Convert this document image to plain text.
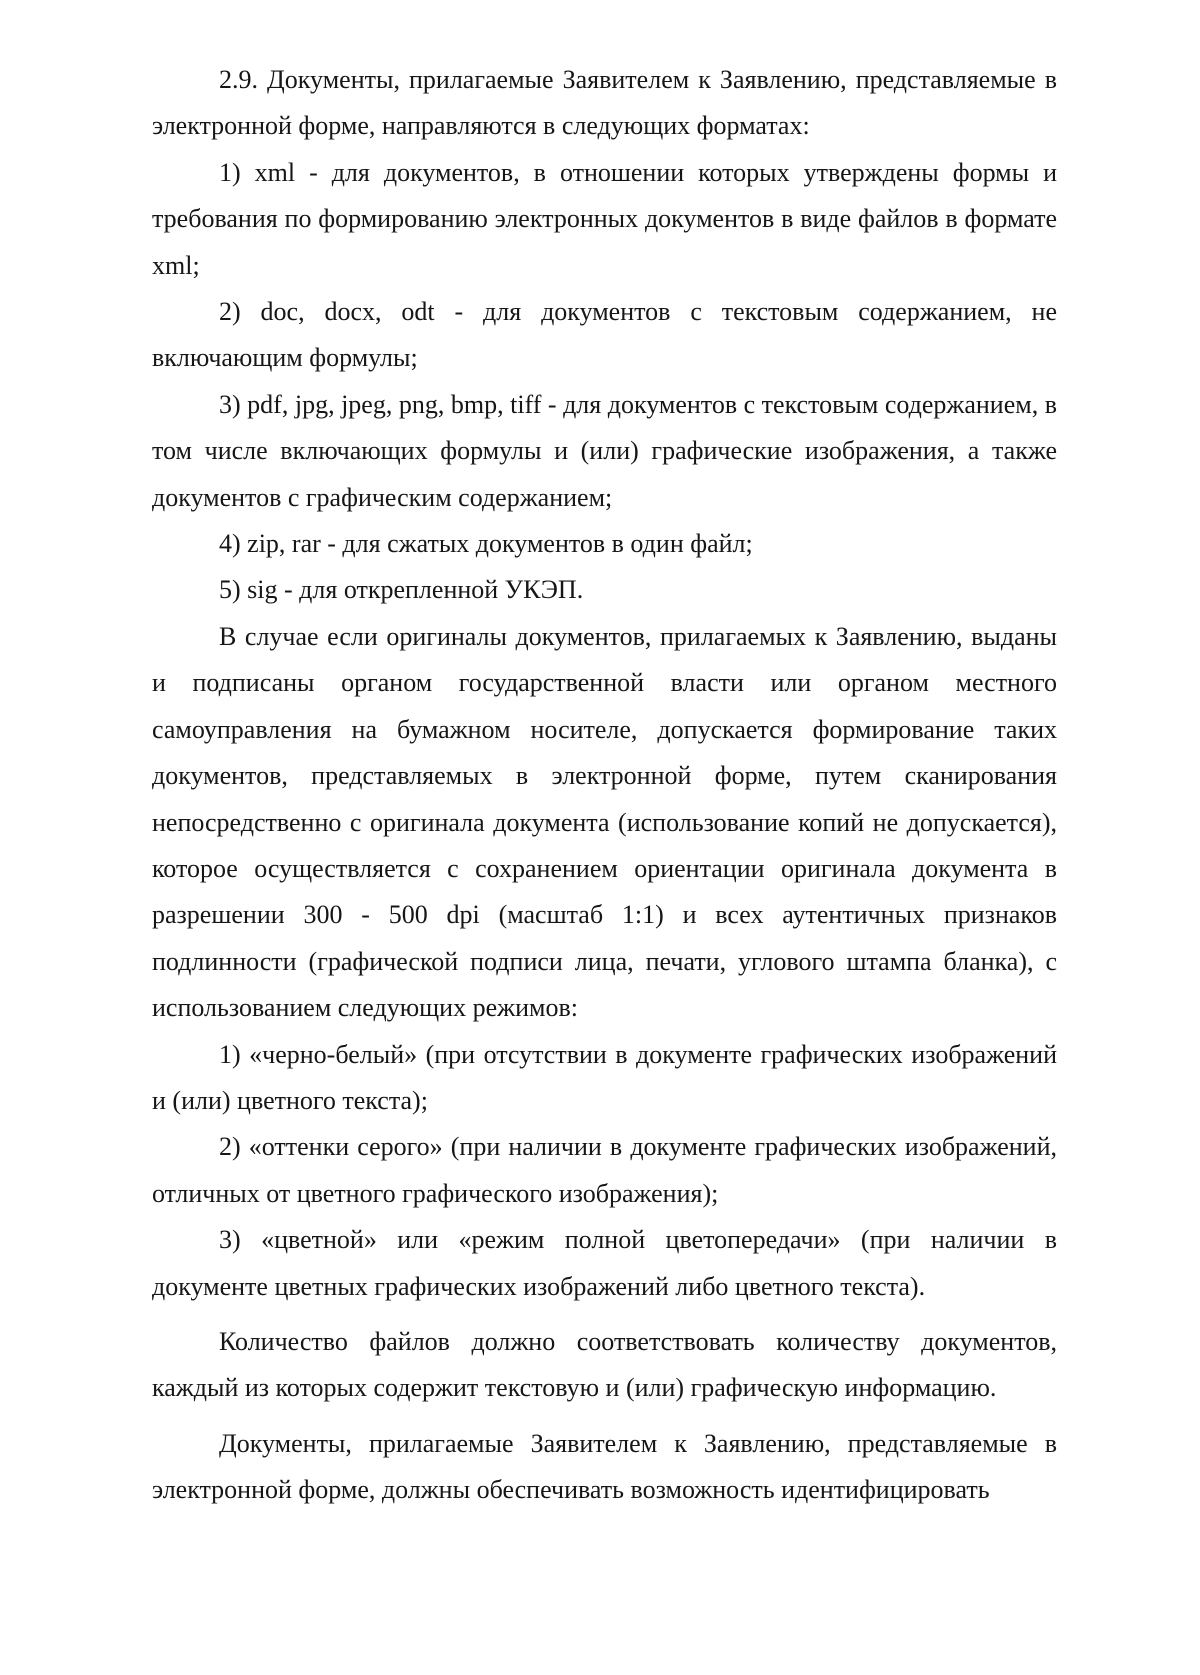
2.9. Документы, прилагаемые Заявителем к Заявлению, представляемые в электронной форме, направляются в следующих форматах:

1) xml - для документов, в отношении которых утверждены формы и требования по формированию электронных документов в виде файлов в формате xml;

2) doc, docx, odt - для документов с текстовым содержанием, не включающим формулы;

3) pdf, jpg, jpeg, png, bmp, tiff - для документов с текстовым содержанием, в том числе включающих формулы и (или) графические изображения, а также документов с графическим содержанием;

4) zip, rar - для сжатых документов в один файл;

5) sig - для открепленной УКЭП.

В случае если оригиналы документов, прилагаемых к Заявлению, выданы и подписаны органом государственной власти или органом местного самоуправления на бумажном носителе, допускается формирование таких документов, представляемых в электронной форме, путем сканирования непосредственно с оригинала документа (использование копий не допускается), которое осуществляется с сохранением ориентации оригинала документа в разрешении 300 - 500 dpi (масштаб 1:1) и всех аутентичных признаков подлинности (графической подписи лица, печати, углового штампа бланка), с использованием следующих режимов:

1) «черно-белый» (при отсутствии в документе графических изображений и (или) цветного текста);

2) «оттенки серого» (при наличии в документе графических изображений, отличных от цветного графического изображения);

3) «цветной» или «режим полной цветопередачи» (при наличии в документе цветных графических изображений либо цветного текста).

Количество файлов должно соответствовать количеству документов, каждый из которых содержит текстовую и (или) графическую информацию.

Документы, прилагаемые Заявителем к Заявлению, представляемые в электронной форме, должны обеспечивать возможность идентифицировать
